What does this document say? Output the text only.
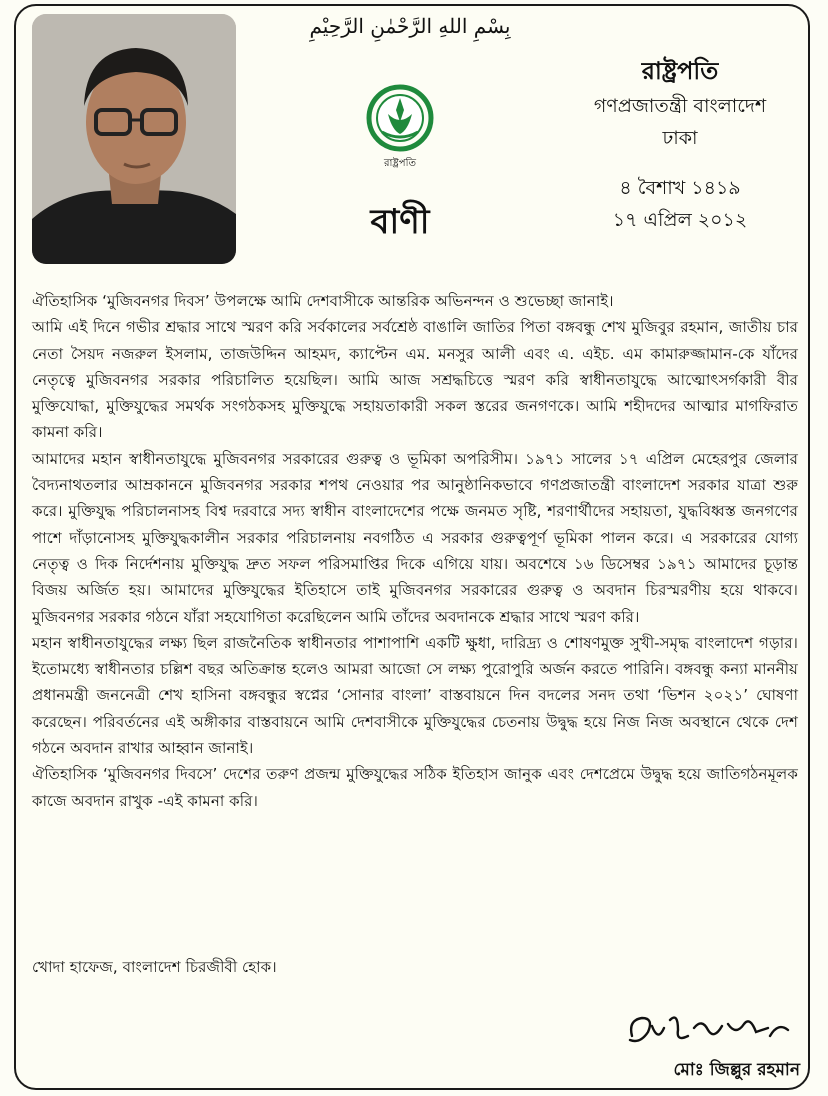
بِسْمِ اللهِ الرَّحْمٰنِ الرَّحِيْمِ
রাষ্ট্রপতি
বাণী
রাষ্ট্রপতি
গণপ্রজাতন্ত্রী বাংলাদেশ
ঢাকা
৪ বৈশাখ ১৪১৯
১৭ এপ্রিল ২০১২

ঐতিহাসিক ‘মুজিবনগর দিবস’ উপলক্ষে আমি দেশবাসীকে আন্তরিক অভিনন্দন ও শুভেচ্ছা জানাই।

আমি এই দিনে গভীর শ্রদ্ধার সাথে স্মরণ করি সর্বকালের সর্বশ্রেষ্ঠ বাঙালি জাতির পিতা বঙ্গবন্ধু শেখ মুজিবুর রহমান, জাতীয় চার নেতা সৈয়দ নজরুল ইসলাম, তাজউদ্দিন আহমদ, ক্যাপ্টেন এম. মনসুর আলী এবং এ. এইচ. এম কামারুজ্জামান-কে যাঁদের নেতৃত্বে মুজিবনগর সরকার পরিচালিত হয়েছিল। আমি আজ সশ্রদ্ধচিত্তে স্মরণ করি স্বাধীনতাযুদ্ধে আত্মোৎসর্গকারী বীর মুক্তিযোদ্ধা, মুক্তিযুদ্ধের সমর্থক সংগঠকসহ মুক্তিযুদ্ধে সহায়তাকারী সকল স্তরের জনগণকে। আমি শহীদদের আত্মার মাগফিরাত কামনা করি।

আমাদের মহান স্বাধীনতাযুদ্ধে মুজিবনগর সরকারের গুরুত্ব ও ভূমিকা অপরিসীম। ১৯৭১ সালের ১৭ এপ্রিল মেহেরপুর জেলার বৈদ্যনাথতলার আম্রকাননে মুজিবনগর সরকার শপথ নেওয়ার পর আনুষ্ঠানিকভাবে গণপ্রজাতন্ত্রী বাংলাদেশ সরকার যাত্রা শুরু করে। মুক্তিযুদ্ধ পরিচালনাসহ বিশ্ব দরবারে সদ্য স্বাধীন বাংলাদেশের পক্ষে জনমত সৃষ্টি, শরণার্থীদের সহায়তা, যুদ্ধবিধ্বস্ত জনগণের পাশে দাঁড়ানোসহ মুক্তিযুদ্ধকালীন সরকার পরিচালনায় নবগঠিত এ সরকার গুরুত্বপূর্ণ ভূমিকা পালন করে। এ সরকারের যোগ্য নেতৃত্ব ও দিক নির্দেশনায় মুক্তিযুদ্ধ দ্রুত সফল পরিসমাপ্তির দিকে এগিয়ে যায়। অবশেষে ১৬ ডিসেম্বর ১৯৭১ আমাদের চূড়ান্ত বিজয় অর্জিত হয়। আমাদের মুক্তিযুদ্ধের ইতিহাসে তাই মুজিবনগর সরকারের গুরুত্ব ও অবদান চিরস্মরণীয় হয়ে থাকবে। মুজিবনগর সরকার গঠনে যাঁরা সহযোগিতা করেছিলেন আমি তাঁদের অবদানকে শ্রদ্ধার সাথে স্মরণ করি।

মহান স্বাধীনতাযুদ্ধের লক্ষ্য ছিল রাজনৈতিক স্বাধীনতার পাশাপাশি একটি ক্ষুধা, দারিদ্র্য ও শোষণমুক্ত সুখী-সমৃদ্ধ বাংলাদেশ গড়ার। ইতোমধ্যে স্বাধীনতার চল্লিশ বছর অতিক্রান্ত হলেও আমরা আজো সে লক্ষ্য পুরোপুরি অর্জন করতে পারিনি। বঙ্গবন্ধু কন্যা মাননীয় প্রধানমন্ত্রী জননেত্রী শেখ হাসিনা বঙ্গবন্ধুর স্বপ্নের ‘সোনার বাংলা’ বাস্তবায়নে দিন বদলের সনদ তথা ‘ভিশন ২০২১’ ঘোষণা করেছেন। পরিবর্তনের এই অঙ্গীকার বাস্তবায়নে আমি দেশবাসীকে মুক্তিযুদ্ধের চেতনায় উদ্বুদ্ধ হয়ে নিজ নিজ অবস্থানে থেকে দেশ গঠনে অবদান রাখার আহ্বান জানাই।

ঐতিহাসিক ‘মুজিবনগর দিবসে’ দেশের তরুণ প্রজন্ম মুক্তিযুদ্ধের সঠিক ইতিহাস জানুক এবং দেশপ্রেমে উদ্বুদ্ধ হয়ে জাতিগঠনমূলক কাজে অবদান রাখুক -এই কামনা করি।

খোদা হাফেজ, বাংলাদেশ চিরজীবী হোক।
মোঃ জিল্লুর রহমান
